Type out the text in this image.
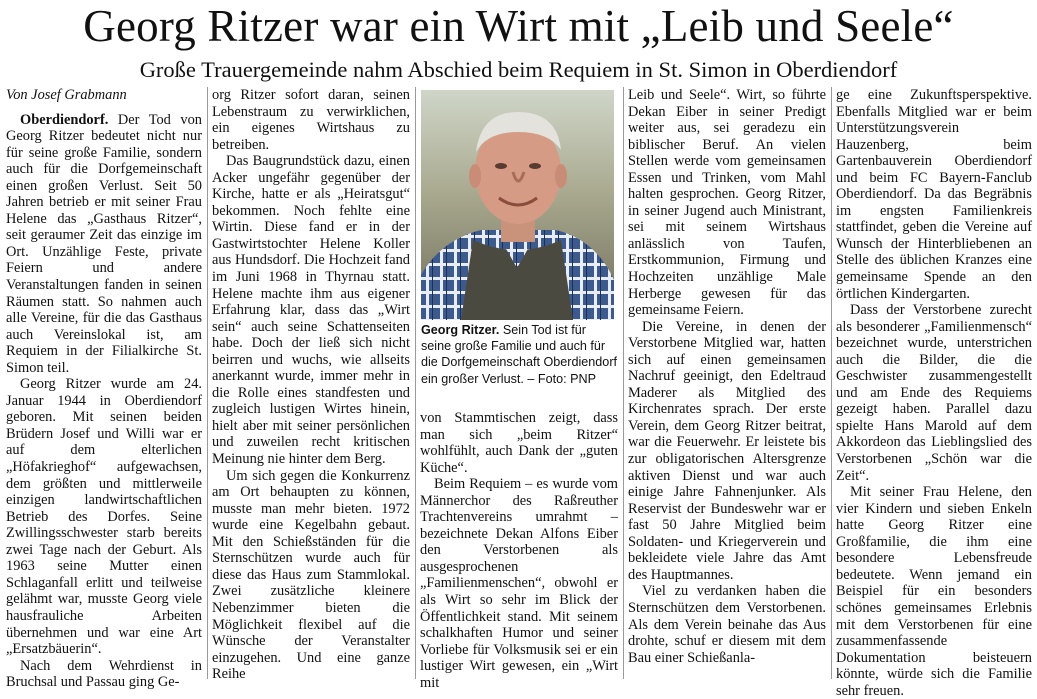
Georg Ritzer war ein Wirt mit „Leib und Seele“
Große Trauergemeinde nahm Abschied beim Requiem in St. Simon in Oberdiendorf
Von Josef Grabmann

Oberdiendorf. Der Tod von Georg Ritzer bedeutet nicht nur für seine große Familie, sondern auch für die Dorfgemeinschaft einen großen Verlust. Seit 50 Jahren betrieb er mit seiner Frau Helene das „Gasthaus Ritzer“, seit geraumer Zeit das einzige im Ort. Unzählige Feste, private Feiern und andere Veranstaltungen fanden in seinen Räumen statt. So nahmen auch alle Vereine, für die das Gasthaus auch Vereinslokal ist, am Requiem in der Filialkirche St. Simon teil.

Georg Ritzer wurde am 24. Januar 1944 in Oberdiendorf geboren. Mit seinen beiden Brüdern Josef und Willi war er auf dem elterlichen „Höfakrieghof“ aufgewachsen, dem größten und mittlerweile einzigen landwirtschaftlichen Betrieb des Dorfes. Seine Zwillingsschwester starb bereits zwei Tage nach der Geburt. Als 1963 seine Mutter einen Schlaganfall erlitt und teilweise gelähmt war, musste Georg viele hausfrauliche Arbeiten übernehmen und war eine Art „Ersatzbäuerin“.

Nach dem Wehrdienst in Bruchsal und Passau ging Ge-

org Ritzer sofort daran, seinen Lebenstraum zu verwirklichen, ein eigenes Wirtshaus zu betreiben.

Das Baugrundstück dazu, einen Acker ungefähr gegenüber der Kirche, hatte er als „Heiratsgut“ bekommen. Noch fehlte eine Wirtin. Diese fand er in der Gastwirtstochter Helene Koller aus Hundsdorf. Die Hochzeit fand im Juni 1968 in Thyrnau statt. Helene machte ihm aus eigener Erfahrung klar, dass das „Wirt sein“ auch seine Schattenseiten habe. Doch der ließ sich nicht beirren und wuchs, wie allseits anerkannt wurde, immer mehr in die Rolle eines standfesten und zugleich lustigen Wirtes hinein, hielt aber mit seiner persönlichen und zuweilen recht kritischen Meinung nie hinter dem Berg.

Um sich gegen die Konkurrenz am Ort behaupten zu können, musste man mehr bieten. 1972 wurde eine Kegelbahn gebaut. Mit den Schießständen für die Sternschützen wurde auch für diese das Haus zum Stammlokal. Zwei zusätzliche kleinere Nebenzimmer bieten die Möglichkeit flexibel auf die Wünsche der Veranstalter einzugehen. Und eine ganze Reihe

Georg Ritzer. Sein Tod ist für seine große Familie und auch für die Dorfgemeinschaft Oberdiendorf ein großer Verlust. – Foto: PNP

von Stammtischen zeigt, dass man sich „beim Ritzer“ wohlfühlt, auch Dank der „guten Küche“.

Beim Requiem – es wurde vom Männerchor des Raßreuther Trachtenvereins umrahmt – bezeichnete Dekan Alfons Eiber den Verstorbenen als ausgesprochenen „Familienmenschen“, obwohl er als Wirt so sehr im Blick der Öffentlichkeit stand. Mit seinem schalkhaften Humor und seiner Vorliebe für Volksmusik sei er ein lustiger Wirt gewesen, ein „Wirt mit

Leib und Seele“. Wirt, so führte Dekan Eiber in seiner Predigt weiter aus, sei geradezu ein biblischer Beruf. An vielen Stellen werde vom gemeinsamen Essen und Trinken, vom Mahl halten gesprochen. Georg Ritzer, in seiner Jugend auch Ministrant, sei mit seinem Wirtshaus anlässlich von Taufen, Erstkommunion, Firmung und Hochzeiten unzählige Male Herberge gewesen für das gemeinsame Feiern.

Die Vereine, in denen der Verstorbene Mitglied war, hatten sich auf einen gemeinsamen Nachruf geeinigt, den Edeltraud Maderer als Mitglied des Kirchenrates sprach. Der erste Verein, dem Georg Ritzer beitrat, war die Feuerwehr. Er leistete bis zur obligatorischen Altersgrenze aktiven Dienst und war auch einige Jahre Fahnenjunker. Als Reservist der Bundeswehr war er fast 50 Jahre Mitglied beim Soldaten- und Kriegerverein und bekleidete viele Jahre das Amt des Hauptmannes.

Viel zu verdanken haben die Sternschützen dem Verstorbenen. Als dem Verein beinahe das Aus drohte, schuf er diesem mit dem Bau einer Schießanla-

ge eine Zukunftsperspektive. Ebenfalls Mitglied war er beim Unterstützungsverein Hauzenberg, beim Gartenbauverein Oberdiendorf und beim FC Bayern-Fanclub Oberdiendorf. Da das Begräbnis im engsten Familienkreis stattfindet, geben die Vereine auf Wunsch der Hinterbliebenen an Stelle des üblichen Kranzes eine gemeinsame Spende an den örtlichen Kindergarten.

Dass der Verstorbene zurecht als besonderer „Familienmensch“ bezeichnet wurde, unterstrichen auch die Bilder, die die Geschwister zusammengestellt und am Ende des Requiems gezeigt haben. Parallel dazu spielte Hans Marold auf dem Akkordeon das Lieblingslied des Verstorbenen „Schön war die Zeit“.

Mit seiner Frau Helene, den vier Kindern und sieben Enkeln hatte Georg Ritzer eine Großfamilie, die ihm eine besondere Lebensfreude bedeutete. Wenn jemand ein Beispiel für ein besonders schönes gemeinsames Erlebnis mit dem Verstorbenen für eine zusammenfassende Dokumentation beisteuern könnte, würde sich die Familie sehr freuen.
